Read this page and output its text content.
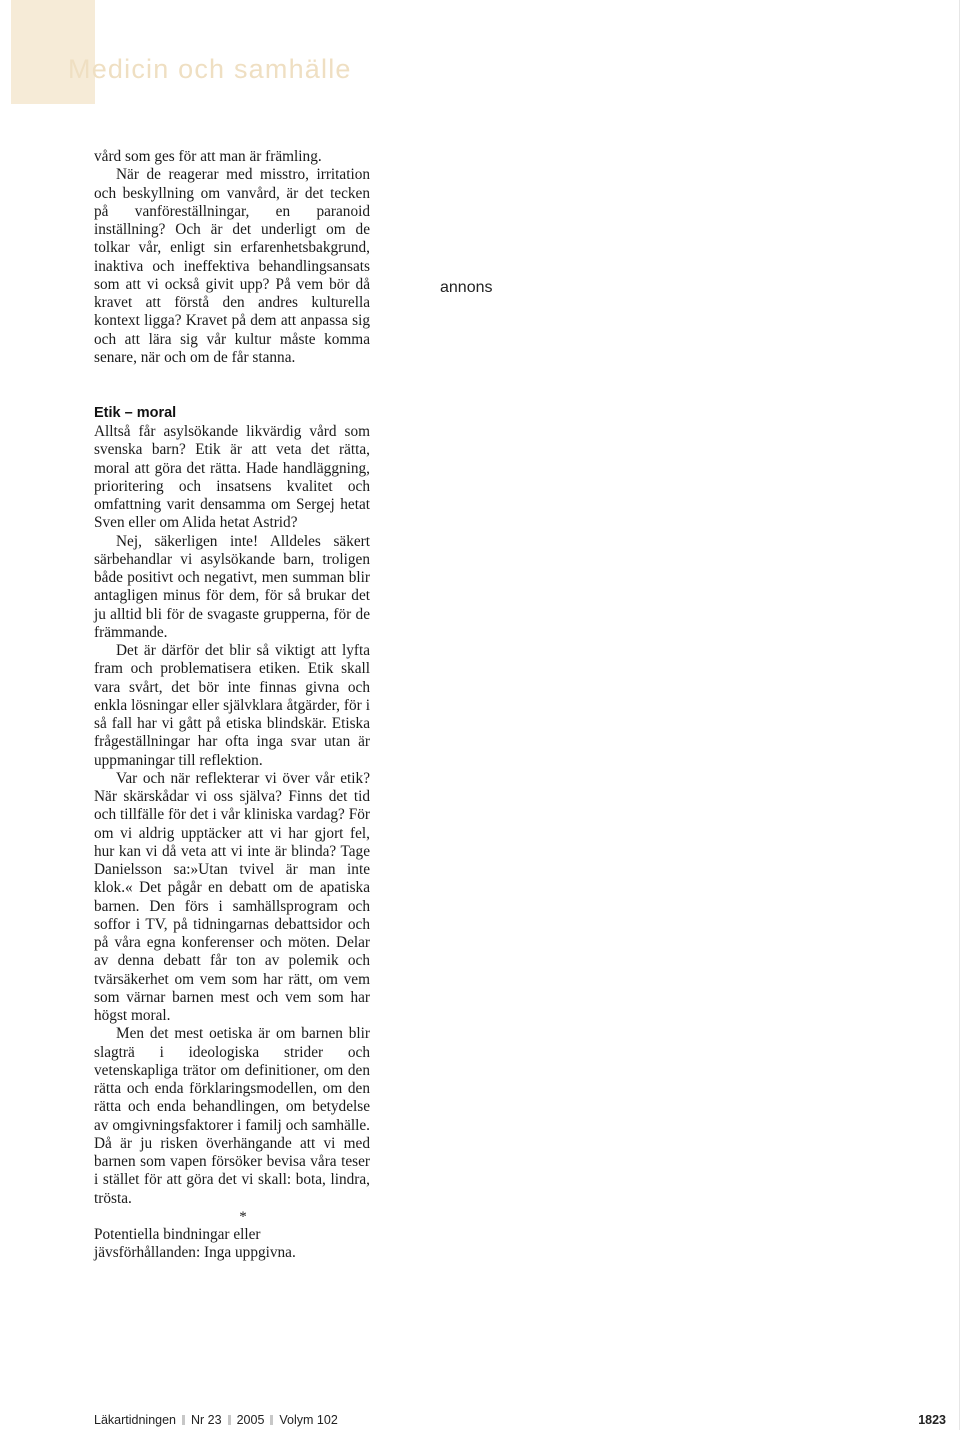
Medicin och samhälle

vård som ges för att man är främling.

När de reagerar med misstro, irritation och beskyllning om vanvård, är det tecken på vanföreställningar, en paranoid inställning? Och är det underligt om de tolkar vår, enligt sin erfarenhetsbakgrund, inaktiva och ineffektiva behandlingsansats som att vi också givit upp? På vem bör då kravet att förstå den andres kulturella kontext ligga? Kravet på dem att anpassa sig och att lära sig vår kultur måste komma senare, när och om de får stanna.

annons
Etik – moral

Alltså får asylsökande likvärdig vård som svenska barn? Etik är att veta det rätta, moral att göra det rätta. Hade handläggning, prioritering och insatsens kvalitet och omfattning varit densamma om Sergej hetat Sven eller om Alida hetat Astrid?

Nej, säkerligen inte! Alldeles säkert särbehandlar vi asylsökande barn, troligen både positivt och negativt, men summan blir antagligen minus för dem, för så brukar det ju alltid bli för de svagaste grupperna, för de främmande.

Det är därför det blir så viktigt att lyfta fram och problematisera etiken. Etik skall vara svårt, det bör inte finnas givna och enkla lösningar eller självklara åtgärder, för i så fall har vi gått på etiska blindskär. Etiska frågeställningar har ofta inga svar utan är uppmaningar till reflektion.

Var och när reflekterar vi över vår etik? När skärskådar vi oss själva? Finns det tid och tillfälle för det i vår kliniska vardag? För om vi aldrig upptäcker att vi har gjort fel, hur kan vi då veta att vi inte är blinda? Tage Danielsson sa:»Utan tvivel är man inte klok.« Det pågår en debatt om de apatiska barnen. Den förs i samhällsprogram och soffor i TV, på tidningarnas debattsidor och på våra egna konferenser och möten. Delar av denna debatt får ton av polemik och tvärsäkerhet om vem som har rätt, om vem som värnar barnen mest och vem som har högst moral.

Men det mest oetiska är om barnen blir slagträ i ideologiska strider och vetenskapliga trätor om definitioner, om den rätta och enda förklaringsmodellen, om den rätta och enda behandlingen, om betydelse av omgivningsfaktorer i familj och samhälle. Då är ju risken överhängande att vi med barnen som vapen försöker bevisa våra teser i stället för att göra det vi skall: bota, lindra, trösta.

*

Potentiella bindningar eller jävsförhållanden: Inga uppgivna.

Läkartidningen Nr 23 2005 Volym 102	1823
